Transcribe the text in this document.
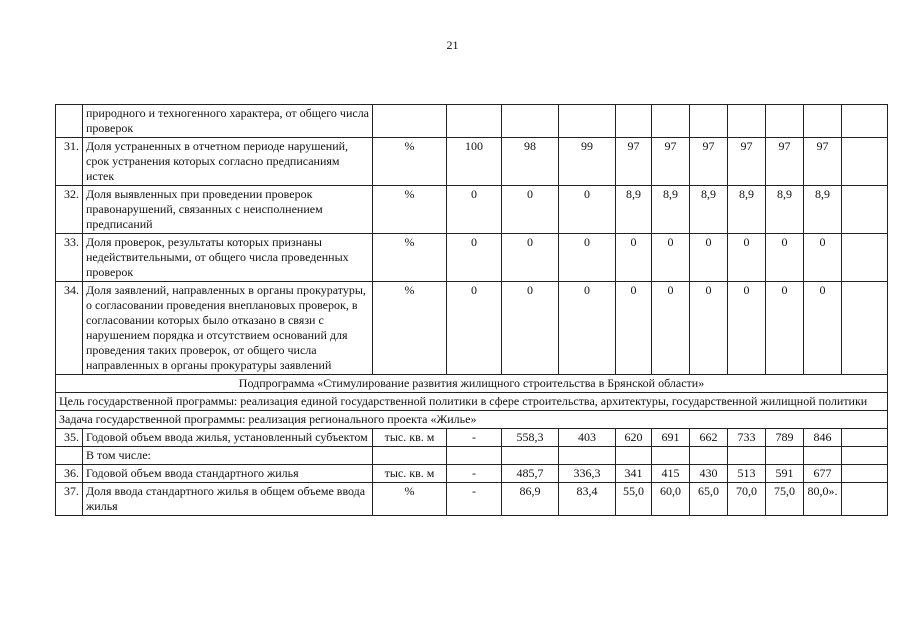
21
	природного и техногенного характера, от общего числа проверок											
31.	Доля устраненных в отчетном периоде нарушений, срок устранения которых согласно предписаниям истек	%	100	98	99	97	97	97	97	97	97	
32.	Доля выявленных при проведении проверок правонарушений, связанных с неисполнением предписаний	%	0	0	0	8,9	8,9	8,9	8,9	8,9	8,9	
33.	Доля проверок, результаты которых признаны недействительными, от общего числа проведенных проверок	%	0	0	0	0	0	0	0	0	0	
34.	Доля заявлений, направленных в органы прокуратуры, о согласовании проведения внеплановых проверок, в согласовании которых было отказано в связи с нарушением порядка и отсутствием оснований для проведения таких проверок, от общего числа направленных в органы прокуратуры заявлений	%	0	0	0	0	0	0	0	0	0	
Подпрограмма «Стимулирование развития жилищного строительства в Брянской области»												
Цель государственной программы: реализация единой государственной политики в сфере строительства, архитектуры, государственной жилищной политики												
Задача государственной программы: реализация регионального проекта «Жилье»												
35.	Годовой объем ввода жилья, установленный субъектом	тыс. кв. м	-	558,3	403	620	691	662	733	789	846	
	В том числе:											
36.	Годовой объем ввода стандартного жилья	тыс. кв. м	-	485,7	336,3	341	415	430	513	591	677	
37.	Доля ввода стандартного жилья в общем объеме ввода жилья	%	-	86,9	83,4	55,0	60,0	65,0	70,0	75,0	80,0».	
